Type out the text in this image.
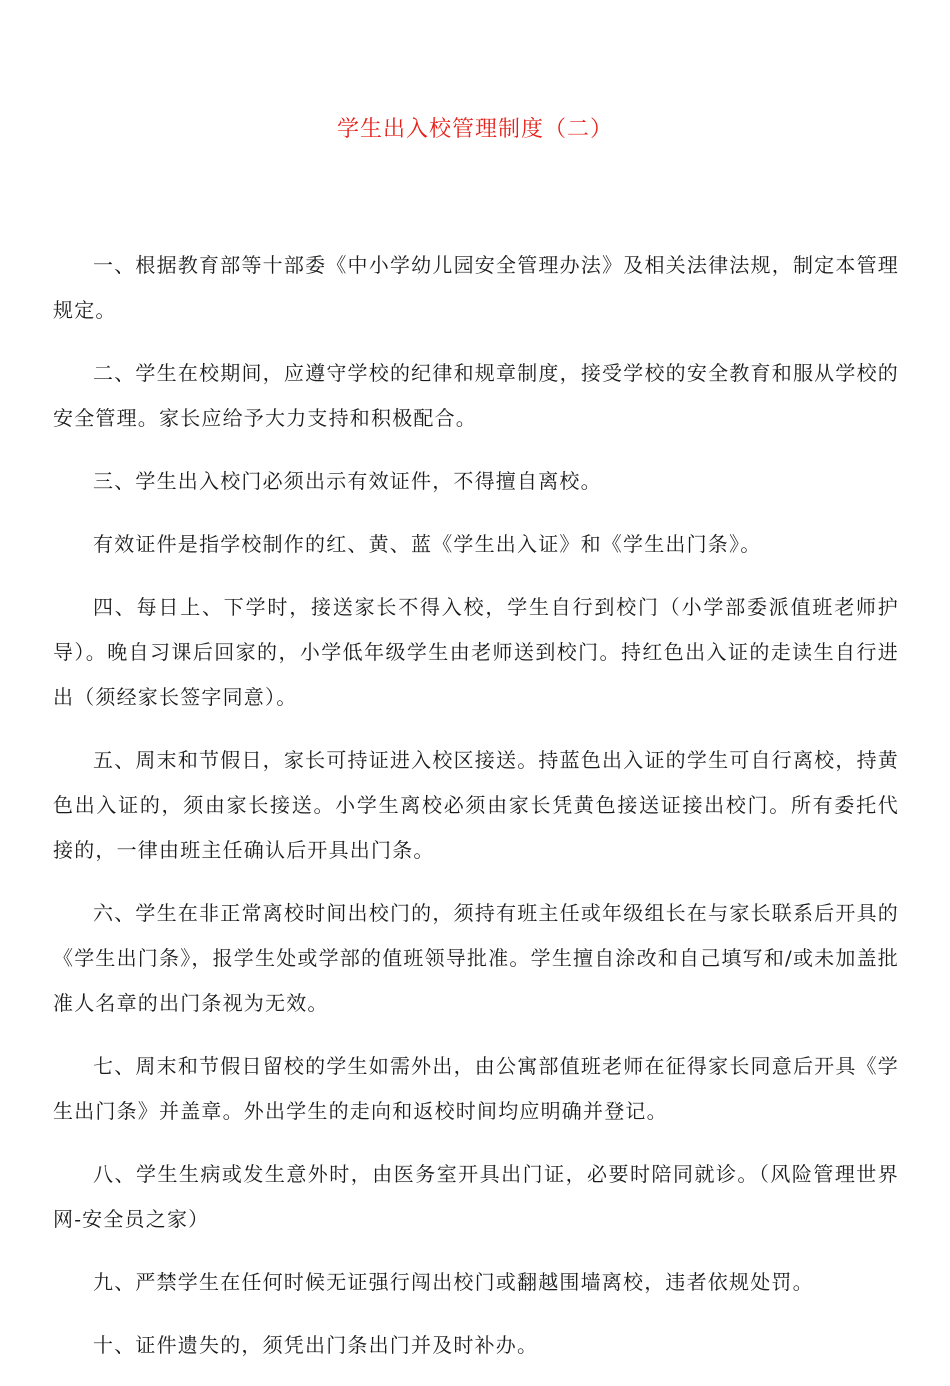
学生出入校管理制度（二）

一、根据教育部等十部委《中小学幼儿园安全管理办法》及相关法律法规，制定本管理规定。

二、学生在校期间，应遵守学校的纪律和规章制度，接受学校的安全教育和服从学校的安全管理。家长应给予大力支持和积极配合。

三、学生出入校门必须出示有效证件，不得擅自离校。

有效证件是指学校制作的红、黄、蓝《学生出入证》和《学生出门条》。

四、每日上、下学时，接送家长不得入校，学生自行到校门（小学部委派值班老师护导）。晚自习课后回家的，小学低年级学生由老师送到校门。持红色出入证的走读生自行进出（须经家长签字同意）。

五、周末和节假日，家长可持证进入校区接送。持蓝色出入证的学生可自行离校，持黄色出入证的，须由家长接送。小学生离校必须由家长凭黄色接送证接出校门。所有委托代接的，一律由班主任确认后开具出门条。

六、学生在非正常离校时间出校门的，须持有班主任或年级组长在与家长联系后开具的《学生出门条》，报学生处或学部的值班领导批准。学生擅自涂改和自己填写和/或未加盖批准人名章的出门条视为无效。

七、周末和节假日留校的学生如需外出，由公寓部值班老师在征得家长同意后开具《学生出门条》并盖章。外出学生的走向和返校时间均应明确并登记。

八、学生生病或发生意外时，由医务室开具出门证，必要时陪同就诊。（风险管理世界网-安全员之家）

九、严禁学生在任何时候无证强行闯出校门或翻越围墙离校，违者依规处罚。

十、证件遗失的，须凭出门条出门并及时补办。
